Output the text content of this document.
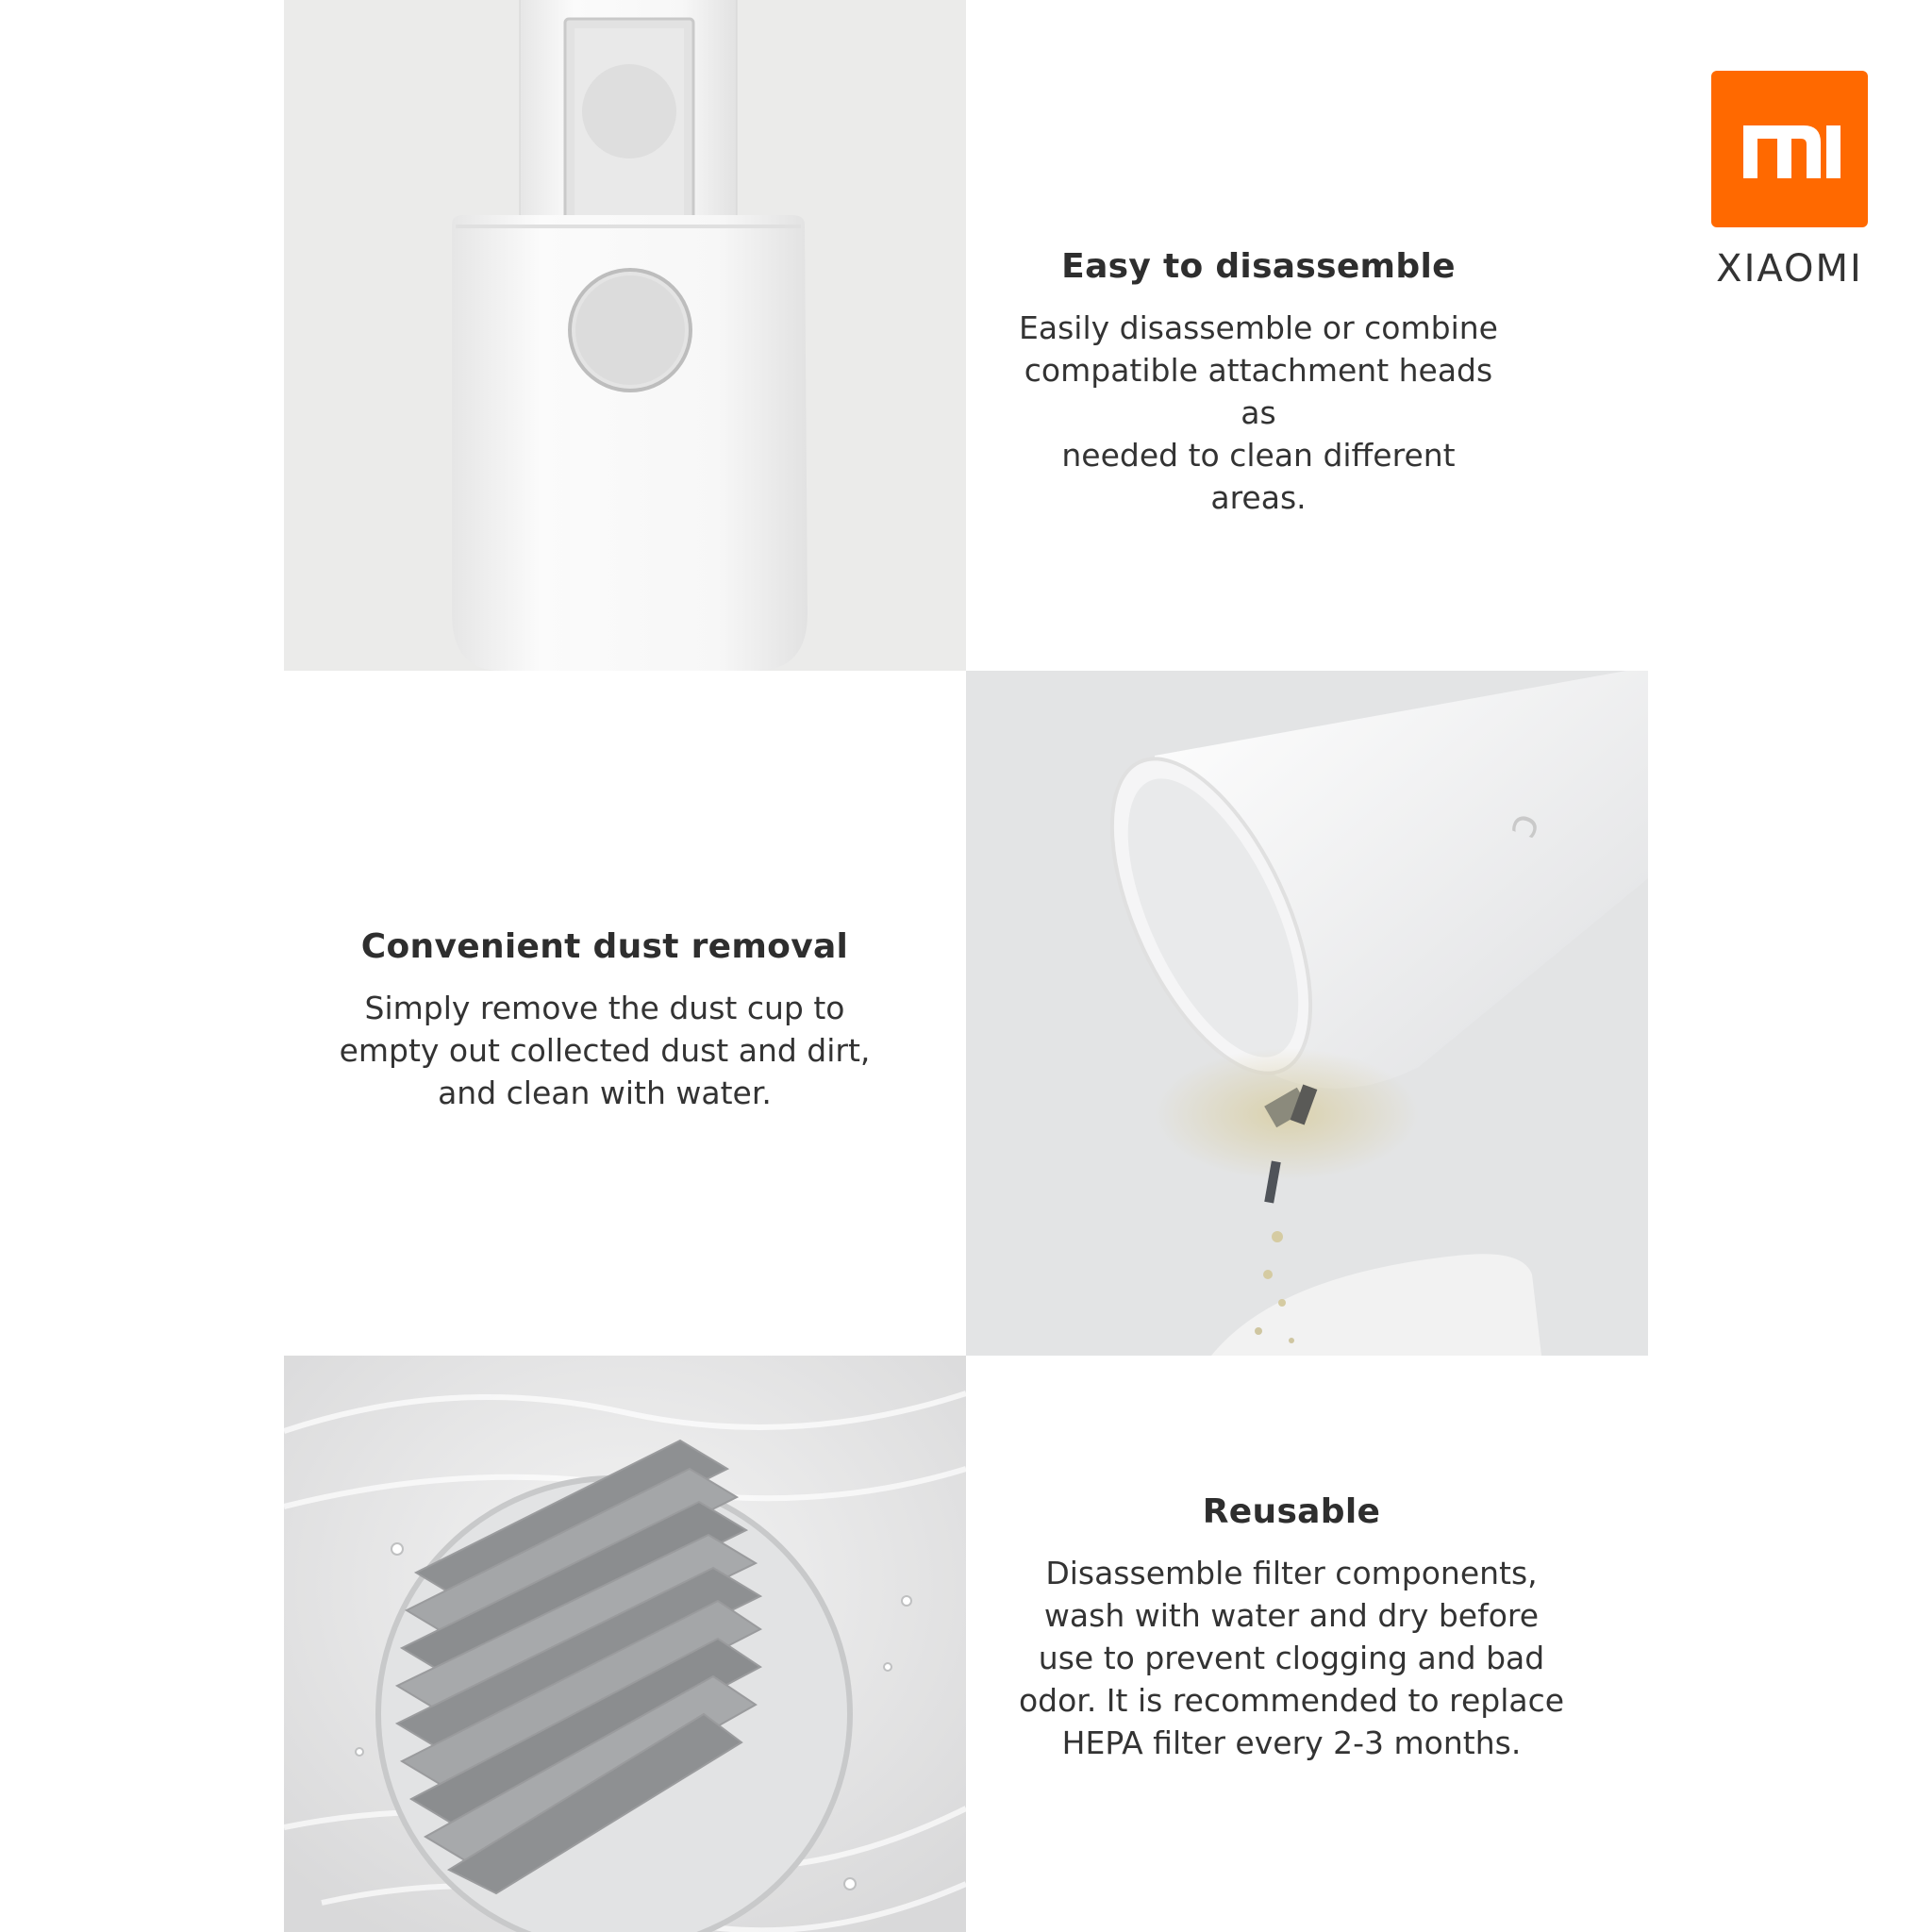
Easy to disassemble

Easily disassemble or combine
compatible attachment heads as
needed to clean different areas.

Convenient dust removal

Simply remove the dust cup to
empty out collected dust and dirt,
and clean with water.

ↄ
Reusable

Disassemble filter components,
wash with water and dry before
use to prevent clogging and bad
odor. It is recommended to replace
HEPA filter every 2-3 months.

XIAOMI
